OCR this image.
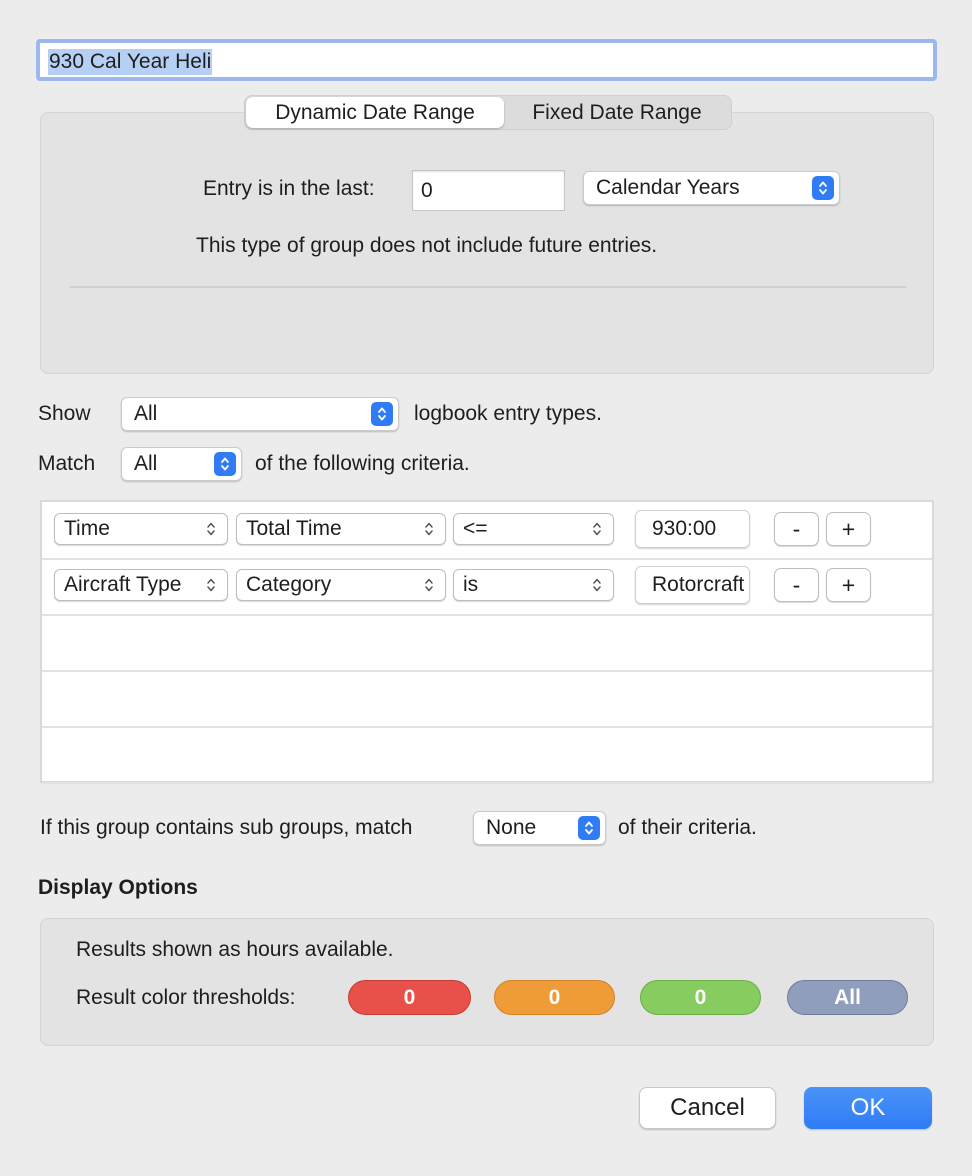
930 Cal Year Heli
Dynamic Date Range	Fixed Date Range
Entry is in the last: 0	Calendar Years
This type of group does not include future entries.
Show All	logbook entry types.
Match All	of the following criteria.
Time	Total Time	<=	930:00	-	+
Aircraft Type	Category	is	Rotorcraft	-	+
If this group contains sub groups, match	None	of their criteria.
Display Options
Results shown as hours available.
Result color thresholds:	0	0	0	All
Cancel	OK
